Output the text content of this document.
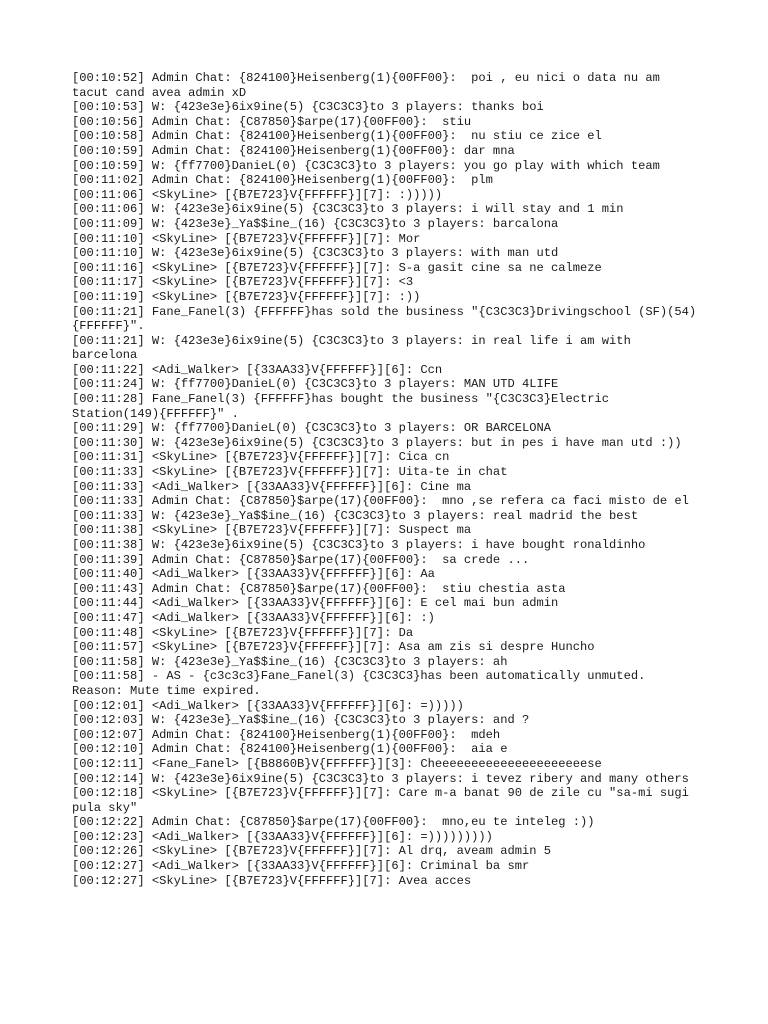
[00:10:52] Admin Chat: {824100}Heisenberg(1){00FF00}:  poi , eu nici o data nu am tacut cand avea admin xD
[00:10:53] W: {423e3e}6ix9ine(5) {C3C3C3}to 3 players: thanks boi
[00:10:56] Admin Chat: {C87850}$arpe(17){00FF00}:  stiu
[00:10:58] Admin Chat: {824100}Heisenberg(1){00FF00}:  nu stiu ce zice el
[00:10:59] Admin Chat: {824100}Heisenberg(1){00FF00}: dar mna
[00:10:59] W: {ff7700}DanieL(0) {C3C3C3}to 3 players: you go play with which team
[00:11:02] Admin Chat: {824100}Heisenberg(1){00FF00}:  plm
[00:11:06] <SkyLine> [{B7E723}V{FFFFFF}][7]: :)))))
[00:11:06] W: {423e3e}6ix9ine(5) {C3C3C3}to 3 players: i will stay and 1 min
[00:11:09] W: {423e3e}_Ya$$ine_(16) {C3C3C3}to 3 players: barcalona
[00:11:10] <SkyLine> [{B7E723}V{FFFFFF}][7]: Mor
[00:11:10] W: {423e3e}6ix9ine(5) {C3C3C3}to 3 players: with man utd
[00:11:16] <SkyLine> [{B7E723}V{FFFFFF}][7]: S-a gasit cine sa ne calmeze
[00:11:17] <SkyLine> [{B7E723}V{FFFFFF}][7]: <3
[00:11:19] <SkyLine> [{B7E723}V{FFFFFF}][7]: :))
[00:11:21] Fane_Fanel(3) {FFFFFF}has sold the business "{C3C3C3}Drivingschool (SF)(54){FFFFFF}".
[00:11:21] W: {423e3e}6ix9ine(5) {C3C3C3}to 3 players: in real life i am with barcelona
[00:11:22] <Adi_Walker> [{33AA33}V{FFFFFF}][6]: Ccn
[00:11:24] W: {ff7700}DanieL(0) {C3C3C3}to 3 players: MAN UTD 4LIFE
[00:11:28] Fane_Fanel(3) {FFFFFF}has bought the business "{C3C3C3}Electric Station(149){FFFFFF}" .
[00:11:29] W: {ff7700}DanieL(0) {C3C3C3}to 3 players: OR BARCELONA
[00:11:30] W: {423e3e}6ix9ine(5) {C3C3C3}to 3 players: but in pes i have man utd :))
[00:11:31] <SkyLine> [{B7E723}V{FFFFFF}][7]: Cica cn
[00:11:33] <SkyLine> [{B7E723}V{FFFFFF}][7]: Uita-te in chat
[00:11:33] <Adi_Walker> [{33AA33}V{FFFFFF}][6]: Cine ma
[00:11:33] Admin Chat: {C87850}$arpe(17){00FF00}:  mno ,se refera ca faci misto de el
[00:11:33] W: {423e3e}_Ya$$ine_(16) {C3C3C3}to 3 players: real madrid the best
[00:11:38] <SkyLine> [{B7E723}V{FFFFFF}][7]: Suspect ma
[00:11:38] W: {423e3e}6ix9ine(5) {C3C3C3}to 3 players: i have bought ronaldinho
[00:11:39] Admin Chat: {C87850}$arpe(17){00FF00}:  sa crede ...
[00:11:40] <Adi_Walker> [{33AA33}V{FFFFFF}][6]: Aa
[00:11:43] Admin Chat: {C87850}$arpe(17){00FF00}:  stiu chestia asta
[00:11:44] <Adi_Walker> [{33AA33}V{FFFFFF}][6]: E cel mai bun admin
[00:11:47] <Adi_Walker> [{33AA33}V{FFFFFF}][6]: :)
[00:11:48] <SkyLine> [{B7E723}V{FFFFFF}][7]: Da
[00:11:57] <SkyLine> [{B7E723}V{FFFFFF}][7]: Asa am zis si despre Huncho
[00:11:58] W: {423e3e}_Ya$$ine_(16) {C3C3C3}to 3 players: ah
[00:11:58] - AS - {c3c3c3}Fane_Fanel(3) {C3C3C3}has been automatically unmuted. Reason: Mute time expired.
[00:12:01] <Adi_Walker> [{33AA33}V{FFFFFF}][6]: =)))))
[00:12:03] W: {423e3e}_Ya$$ine_(16) {C3C3C3}to 3 players: and ?
[00:12:07] Admin Chat: {824100}Heisenberg(1){00FF00}:  mdeh
[00:12:10] Admin Chat: {824100}Heisenberg(1){00FF00}:  aia e
[00:12:11] <Fane_Fanel> [{B8860B}V{FFFFFF}][3]: Cheeeeeeeeeeeeeeeeeeeeese
[00:12:14] W: {423e3e}6ix9ine(5) {C3C3C3}to 3 players: i tevez ribery and many others
[00:12:18] <SkyLine> [{B7E723}V{FFFFFF}][7]: Care m-a banat 90 de zile cu "sa-mi sugi pula sky"
[00:12:22] Admin Chat: {C87850}$arpe(17){00FF00}:  mno,eu te inteleg :))
[00:12:23] <Adi_Walker> [{33AA33}V{FFFFFF}][6]: =)))))))))
[00:12:26] <SkyLine> [{B7E723}V{FFFFFF}][7]: Al drq, aveam admin 5
[00:12:27] <Adi_Walker> [{33AA33}V{FFFFFF}][6]: Criminal ba smr
[00:12:27] <SkyLine> [{B7E723}V{FFFFFF}][7]: Avea acces
